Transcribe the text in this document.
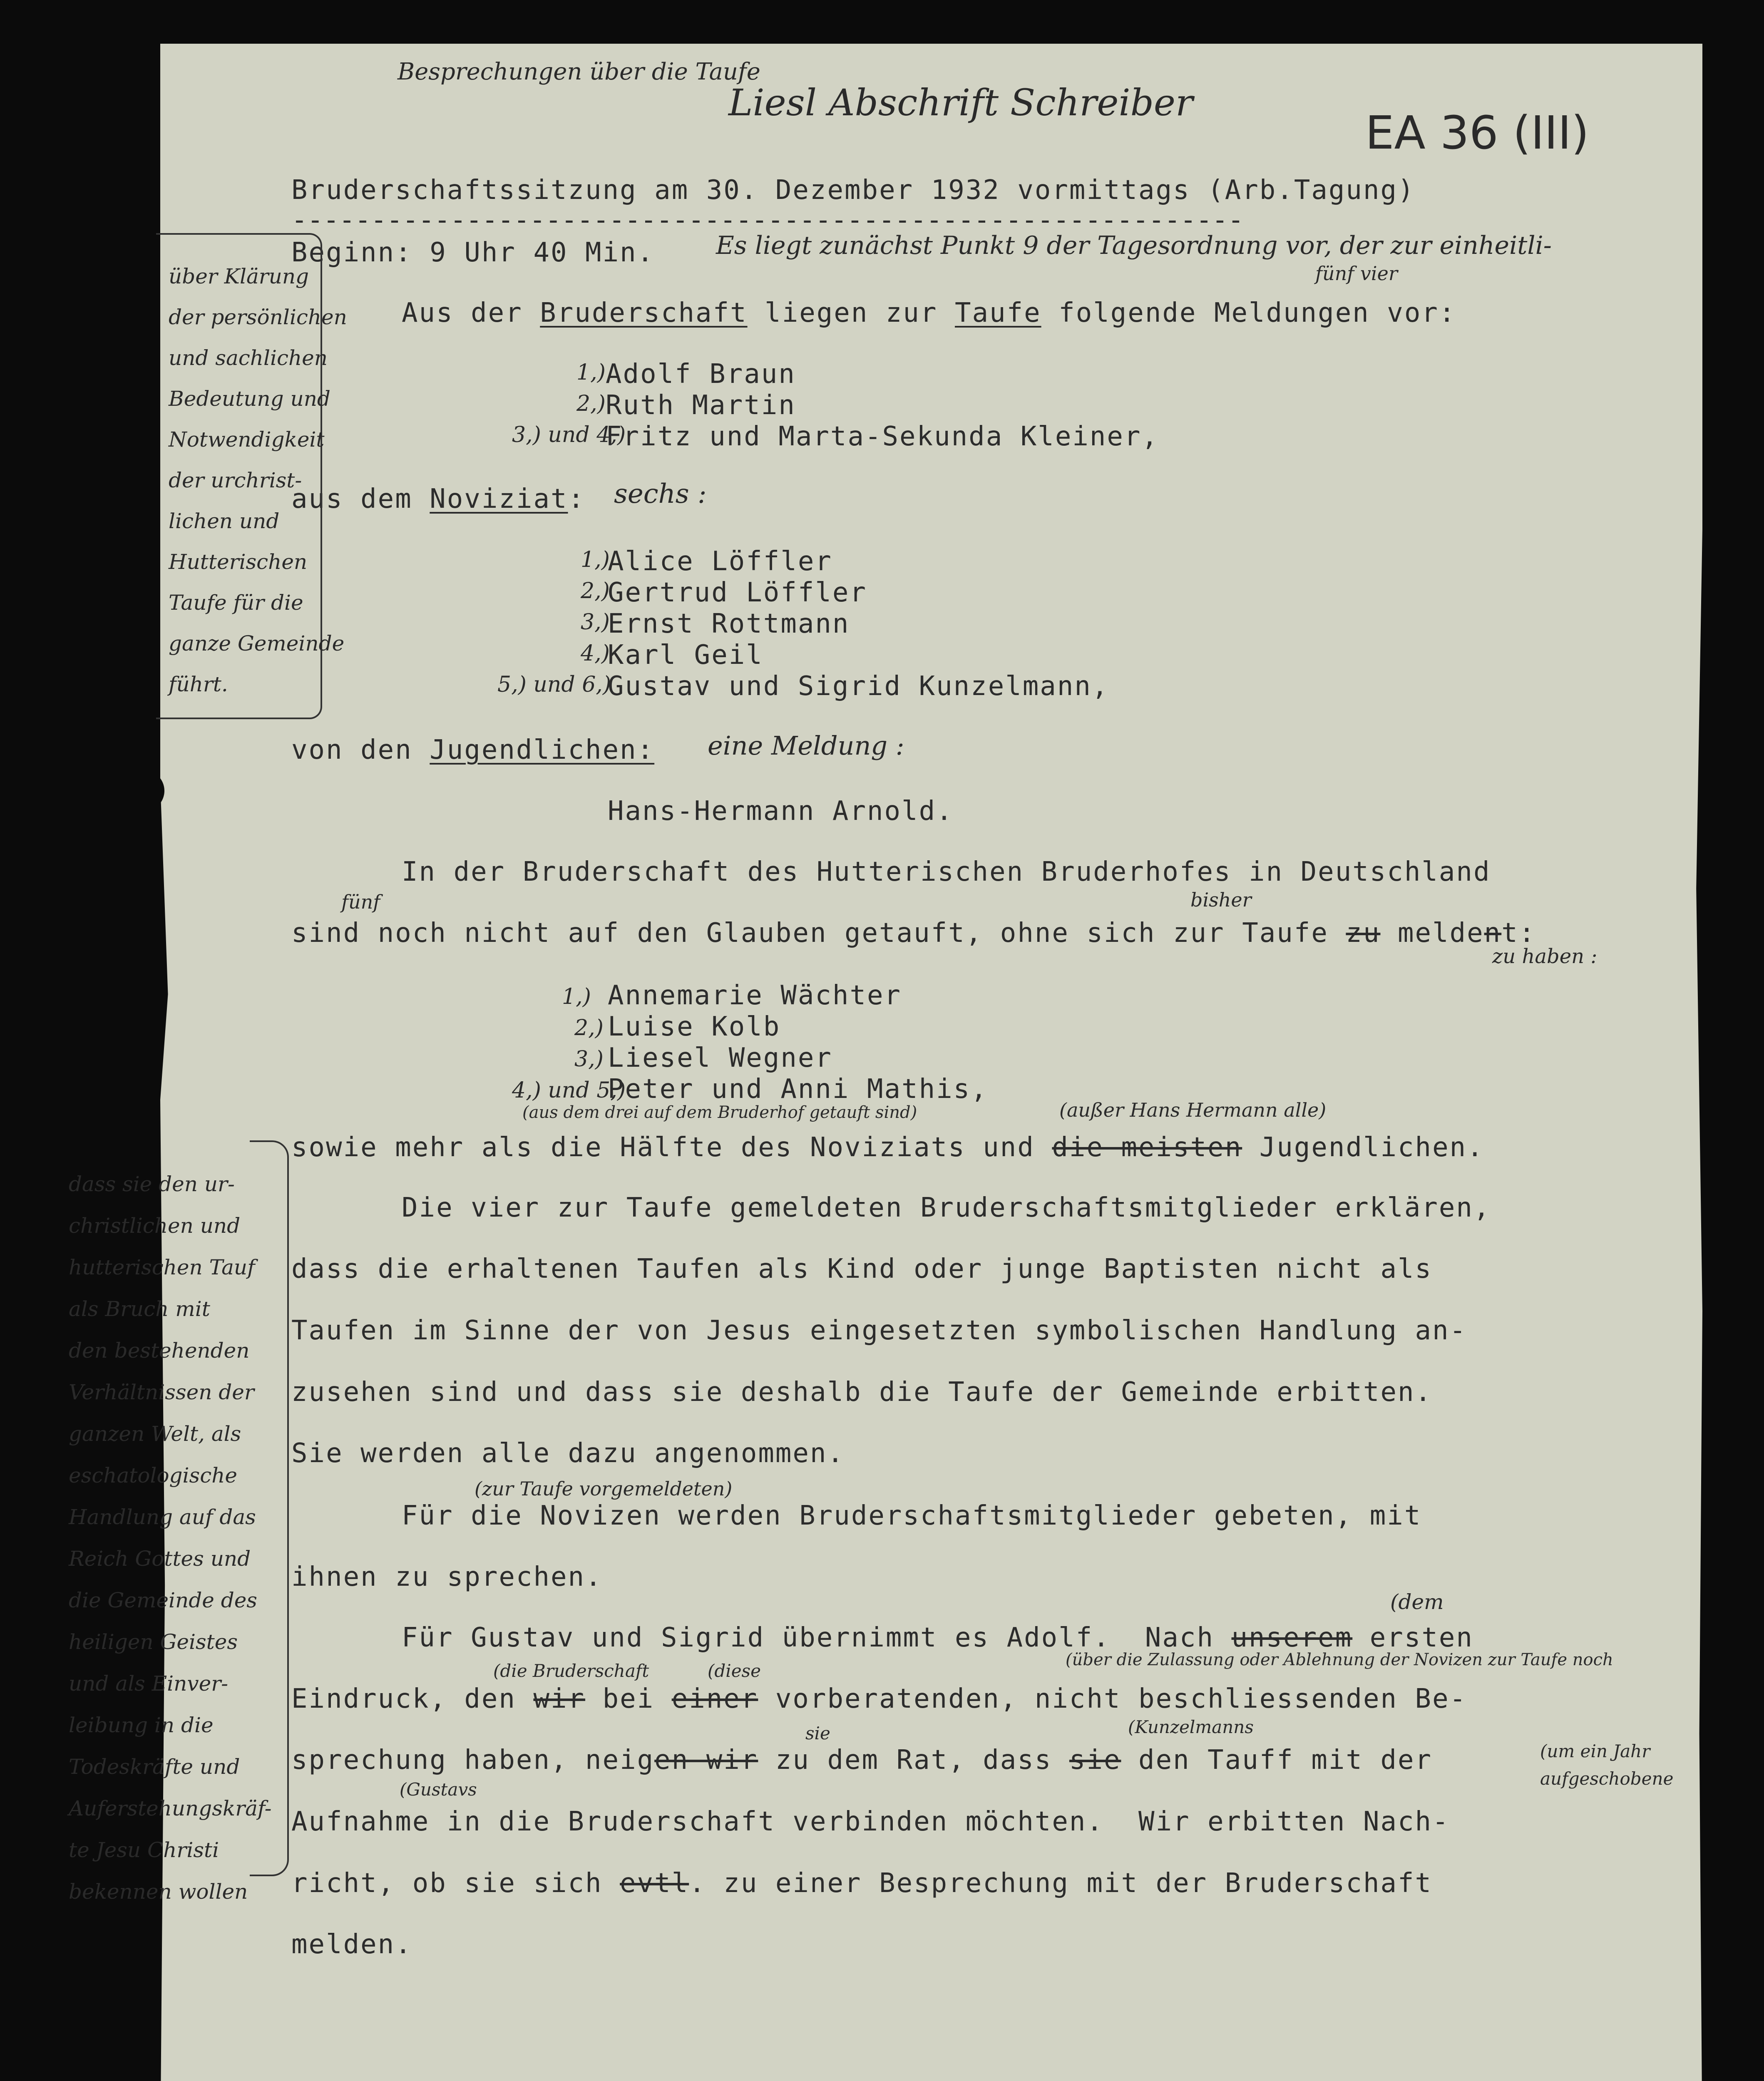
Besprechungen über die Taufe
Liesl Abschrift Schreiber
EA 36 (III)
Bruderschaftssitzung am 30. Dezember 1932 vormittags (Arb.Tagung)
------------------------------------------------------------
Beginn: 9 Uhr 40 Min. Es liegt zunächst Punkt 9 der Tagesordnung vor, der zur einheitli-
fünf vier
Aus der Bruderschaft liegen zur Taufe folgende Meldungen vor:
1,) Adolf Braun
2,) Ruth Martin
3,) und 4,)
Fritz und Marta-Sekunda Kleiner,
aus dem Noviziat: sechs :
1,)
Alice Löffler
2,)
Gertrud Löffler
3,)
Ernst Rottmann
4,)
Karl Geil
5,) und 6,)
Gustav und Sigrid Kunzelmann,
von den Jugendlichen: eine Meldung :
Hans-Hermann Arnold.
In der Bruderschaft des Hutterischen Bruderhofes in Deutschland
fünf	bisher
sind noch nicht auf den Glauben getauft, ohne sich zur Taufe zu meldent:
zu haben :
1,) Annemarie Wächter
2,) Luise Kolb
3,) Liesel Wegner
4,) und 5,)
Peter und Anni Mathis,
(aus dem drei auf dem Bruderhof getauft sind)	(außer Hans Hermann alle)
sowie mehr als die Hälfte des Noviziats und die meisten Jugendlichen.
Die vier zur Taufe gemeldeten Bruderschaftsmitglieder erklären,
dass die erhaltenen Taufen als Kind oder junge Baptisten nicht als
Taufen im Sinne der von Jesus eingesetzten symbolischen Handlung an-
zusehen sind und dass sie deshalb die Taufe der Gemeinde erbitten.
Sie werden alle dazu angenommen.
(zur Taufe vorgemeldeten)
Für die Novizen werden Bruderschaftsmitglieder gebeten, mit
ihnen zu sprechen.
(dem
Für Gustav und Sigrid übernimmt es Adolf.  Nach unserem ersten
(die Bruderschaft	(diese
(über die Zulassung oder Ablehnung der Novizen zur Taufe noch
Eindruck, den wir bei einer vorberatenden, nicht beschliessenden Be-
(Kunzelmanns
sie
sprechung haben, neigen wir zu dem Rat, dass sie den Tauff mit der	(um ein Jahr aufgeschobene
(Gustavs
Aufnahme in die Bruderschaft verbinden möchten.  Wir erbitten Nach-
richt, ob sie sich evtl. zu einer Besprechung mit der Bruderschaft
melden.
über Klärung
der persönlichen
und sachlichen
Bedeutung und
Notwendigkeit
der urchrist-
lichen und
Hutterischen
Taufe für die
ganze Gemeinde
führt.
dass sie den ur-
christlichen und
hutterischen Tauf
als Bruch mit
den bestehenden
Verhältnissen der
ganzen Welt, als
eschatologische
Handlung auf das
Reich Gottes und
die Gemeinde des
heiligen Geistes
und als Einver-
leibung in die
Todeskräfte und
Auferstehungskräf-
te Jesu Christi
bekennen wollen
